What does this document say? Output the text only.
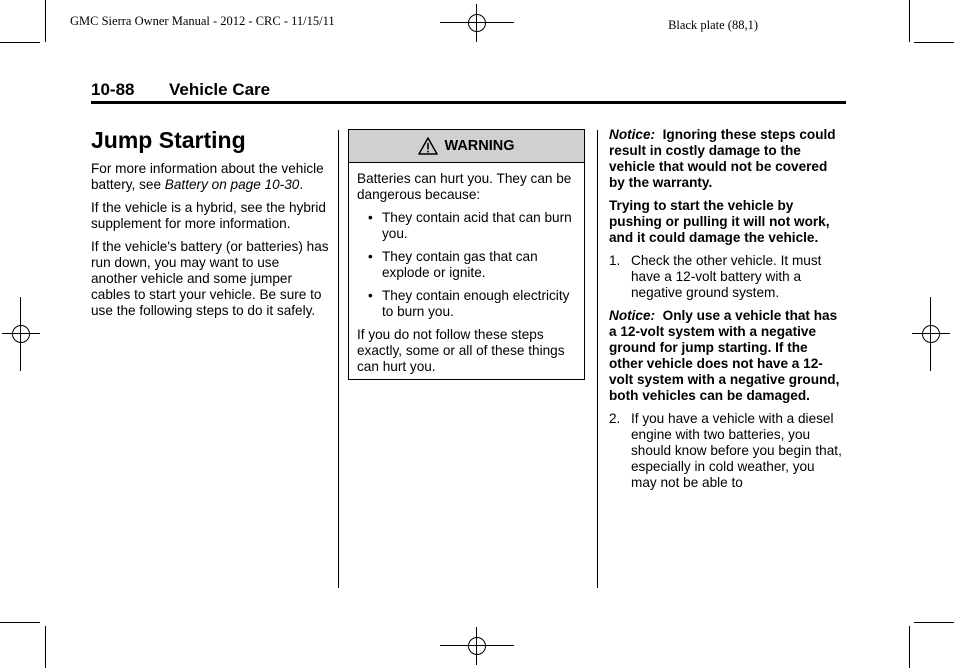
GMC Sierra Owner Manual - 2012 - CRC - 11/15/11	Black plate (88,1)
10-88 Vehicle Care
Jump Starting

For more information about the vehicle battery, see Battery on page 10-30.

If the vehicle is a hybrid, see the hybrid supplement for more information.

If the vehicle's battery (or batteries) has run down, you may want to use another vehicle and some jumper cables to start your vehicle. Be sure to use the following steps to do it safely.

WARNING

Batteries can hurt you. They can be dangerous because:

• They contain acid that can burn you.
• They contain gas that can explode or ignite.
• They contain enough electricity to burn you.

If you do not follow these steps exactly, some or all of these things can hurt you.

Notice: Ignoring these steps could result in costly damage to the vehicle that would not be covered by the warranty.

Trying to start the vehicle by pushing or pulling it will not work, and it could damage the vehicle.

1. Check the other vehicle. It must have a 12-volt battery with a negative ground system.

Notice: Only use a vehicle that has a 12-volt system with a negative ground for jump starting. If the other vehicle does not have a 12-volt system with a negative ground, both vehicles can be damaged.

2. If you have a vehicle with a diesel engine with two batteries, you should know before you begin that, especially in cold weather, you may not be able to
